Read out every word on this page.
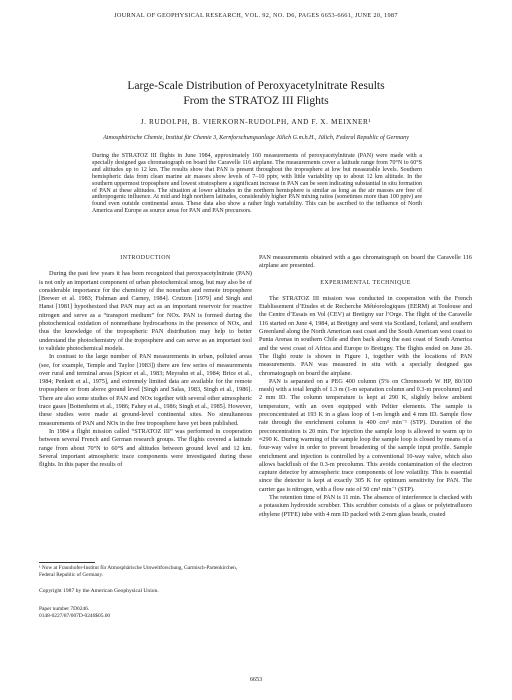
JOURNAL OF GEOPHYSICAL RESEARCH, VOL. 92, NO. D6, PAGES 6653-6661, JUNE 20, 1987
Large-Scale Distribution of Peroxyacetylnitrate Results
From the STRATOZ III Flights
J. RUDOLPH, B. VIERKORN-RUDOLPH, AND F. X. MEIXNER¹
Atmosphärische Chemie, Institut für Chemie 3, Kernforschungsanlage Jülich G.m.b.H., Jülich, Federal Republic of Germany
During the STRATOZ III flights in June 1984, approximately 160 measurements of peroxyacetylnitrate (PAN) were made with a specially designed gas chromatograph on board the Caravelle 116 airplane. The measurements cover a latitude range from 70°N to 60°S and altitudes up to 12 km. The results show that PAN is present throughout the troposphere at low but measurable levels. Southern hemispheric data from clean marine air masses show levels of 7–10 pptv, with little variability up to about 12 km altitude. In the southern uppermost troposphere and lowest stratosphere a significant increase in PAN can be seen indicating substantial in situ formation of PAN at these altitudes. The situation at lower altitudes in the northern hemisphere is similar as long as the air masses are free of anthropogenic influence. At mid and high northern latitudes, considerably higher PAN mixing ratios (sometimes more than 100 pptv) are found even outside continental areas. These data also show a rather high variability. This can be ascribed to the influence of North America and Europe as source areas for PAN and PAN precursors.

INTRODUCTION

During the past few years it has been recognized that peroxyacetylnitrate (PAN) is not only an important component of urban photochemical smog, but may also be of considerable importance for the chemistry of the nonurban and remote troposphere [Brewer et al. 1983; Fishman and Carney, 1984]. Crutzen [1979] and Singh and Hanst [1981] hypothesized that PAN may act as an important reservoir for reactive nitrogen and serve as a “transport medium” for NOx. PAN is formed during the photochemical oxidation of nonmethane hydrocarbons in the presence of NOx, and thus the knowledge of the tropospheric PAN distribution may help to better understand the photochemistry of the troposphere and can serve as an important tool to validate photochemical models.

In contrast to the large number of PAN measurements in urban, polluted areas (see, for example, Temple and Taylor [1983]) there are few series of measurements over rural and terminal areas [Spicer et al., 1983; Meyrahn et al., 1984; Brice et al., 1984; Penkett et al., 1975], and extremely limited data are available for the remote troposphere or from above ground level [Singh and Salas, 1983, Singh et al., 1986]. There are also some studies of PAN and NOx together with several other atmospheric trace gases [Bottenheim et al., 1986; Fahey et al., 1986; Singh et al., 1985]. However, these studies were made at ground-level continental sites. No simultaneous measurements of PAN and NOx in the free troposphere have yet been published.

In 1984 a flight mission called “STRATOZ III” was performed in cooperation between several French and German research groups. The flights covered a latitude range from about 70°N to 60°S and altitudes between ground level and 12 km. Several important atmospheric trace components were investigated during these flights. In this paper the results of

¹ Now at Fraunhofer-Institut für Atmosphärische Umweltforschung, Garmisch-Partenkirchen, Federal Republic of Germany.
Copyright 1987 by the American Geophysical Union.
Paper number 7D0246.
0148-0227/87/007D-0246$05.00

PAN measurements obtained with a gas chromatograph on board the Caravelle 116 airplane are presented.

EXPERIMENTAL TECHNIQUE

The STRATOZ III mission was conducted in cooperation with the French Etablissement d’Etudes et de Recherche Météorologiques (EERM) at Toulouse and the Centre d’Essais en Vol (CEV) at Bretigny sur l’Orge. The flight of the Caravelle 116 started on June 4, 1984, at Bretigny and went via Scotland, Iceland, and southern Greenland along the North American east coast and the South American west coast to Punta Arenas in southern Chile and then back along the east coast of South America and the west coast of Africa and Europe to Bretigny. The flights ended on June 26. The flight route is shown in Figure 1, together with the locations of PAN measurements. PAN was measured in situ with a specially designed gas chromatograph on board the airplane.

PAN is separated on a PEG 400 column (5% on Chromosorb W HP, 80/100 mesh) with a total length of 1.3 m (1-m separation column and 0.3-m precolumn) and 2 mm ID. The column temperature is kept at 290 K, slightly below ambient temperature, with an oven equipped with Peltier elements. The sample is preconcentrated at 193 K in a glass loop of 1-m length and 4 mm ID. Sample flow rate through the enrichment column is 400 cm³ min⁻¹ (STP). Duration of the preconcentration is 20 min. For injection the sample loop is allowed to warm up to ≈290 K. During warming of the sample loop the sample loop is closed by means of a four-way valve in order to prevent broadening of the sample input profile. Sample enrichment and injection is controlled by a conventional 10-way valve, which also allows backflush of the 0.3-m precolumn. This avoids contamination of the electron capture detector by atmospheric trace components of low volatility. This is essential since the detector is kept at exactly 305 K for optimum sensitivity for PAN. The carrier gas is nitrogen, with a flow rate of 50 cm³ min⁻¹ (STP).

The retention time of PAN is 11 min. The absence of interference is checked with a potassium hydroxide scrubber. This scrubber consists of a glass or polytetrafluoro ethylene (PTFE) tube with 4 mm ID packed with 2-mm glass beads, coated

6653
